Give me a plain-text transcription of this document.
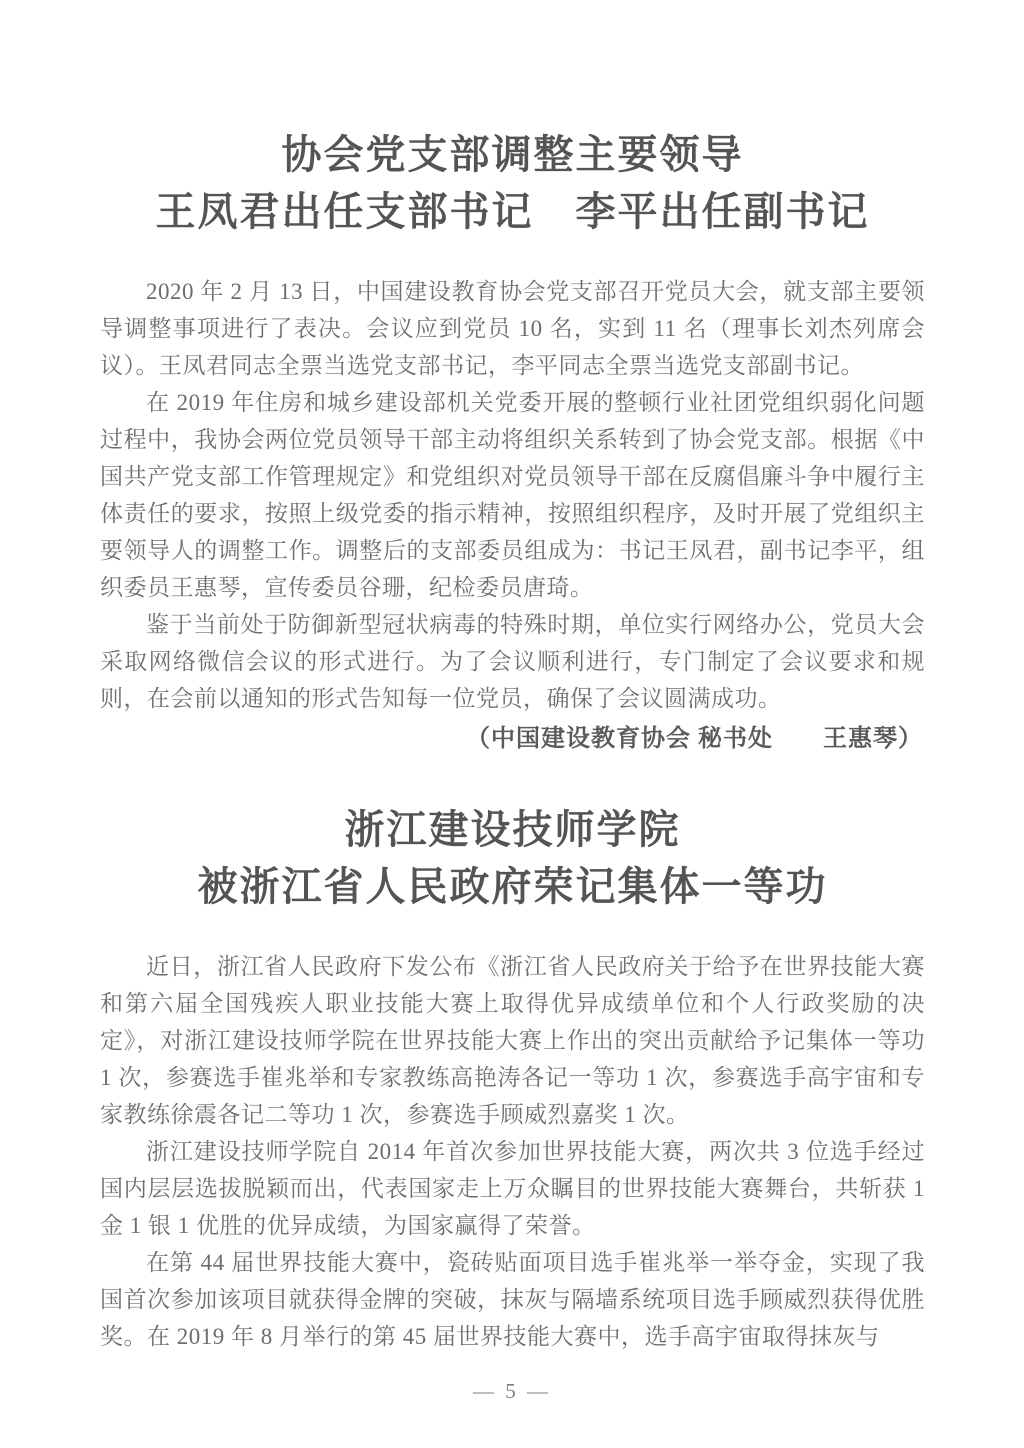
协会党支部调整主要领导
王凤君出任支部书记　李平出任副书记

2020 年 2 月 13 日，中国建设教育协会党支部召开党员大会，就支部主要领导调整事项进行了表决。会议应到党员 10 名，实到 11 名（理事长刘杰列席会议）。王凤君同志全票当选党支部书记，李平同志全票当选党支部副书记。

在 2019 年住房和城乡建设部机关党委开展的整顿行业社团党组织弱化问题过程中，我协会两位党员领导干部主动将组织关系转到了协会党支部。根据《中国共产党支部工作管理规定》和党组织对党员领导干部在反腐倡廉斗争中履行主体责任的要求，按照上级党委的指示精神，按照组织程序，及时开展了党组织主要领导人的调整工作。调整后的支部委员组成为：书记王凤君，副书记李平，组织委员王惠琴，宣传委员谷珊，纪检委员唐琦。

鉴于当前处于防御新型冠状病毒的特殊时期，单位实行网络办公，党员大会采取网络微信会议的形式进行。为了会议顺利进行，专门制定了会议要求和规则，在会前以通知的形式告知每一位党员，确保了会议圆满成功。

（中国建设教育协会 秘书处　　王惠琴）
浙江建设技师学院
被浙江省人民政府荣记集体一等功

近日，浙江省人民政府下发公布《浙江省人民政府关于给予在世界技能大赛和第六届全国残疾人职业技能大赛上取得优异成绩单位和个人行政奖励的决定》，对浙江建设技师学院在世界技能大赛上作出的突出贡献给予记集体一等功 1 次，参赛选手崔兆举和专家教练高艳涛各记一等功 1 次，参赛选手高宇宙和专家教练徐震各记二等功 1 次，参赛选手顾威烈嘉奖 1 次。

浙江建设技师学院自 2014 年首次参加世界技能大赛，两次共 3 位选手经过国内层层选拔脱颖而出，代表国家走上万众瞩目的世界技能大赛舞台，共斩获 1 金 1 银 1 优胜的优异成绩，为国家赢得了荣誉。

在第 44 届世界技能大赛中，瓷砖贴面项目选手崔兆举一举夺金，实现了我国首次参加该项目就获得金牌的突破，抹灰与隔墙系统项目选手顾威烈获得优胜奖。在 2019 年 8 月举行的第 45 届世界技能大赛中，选手高宇宙取得抹灰与

— 5 —
